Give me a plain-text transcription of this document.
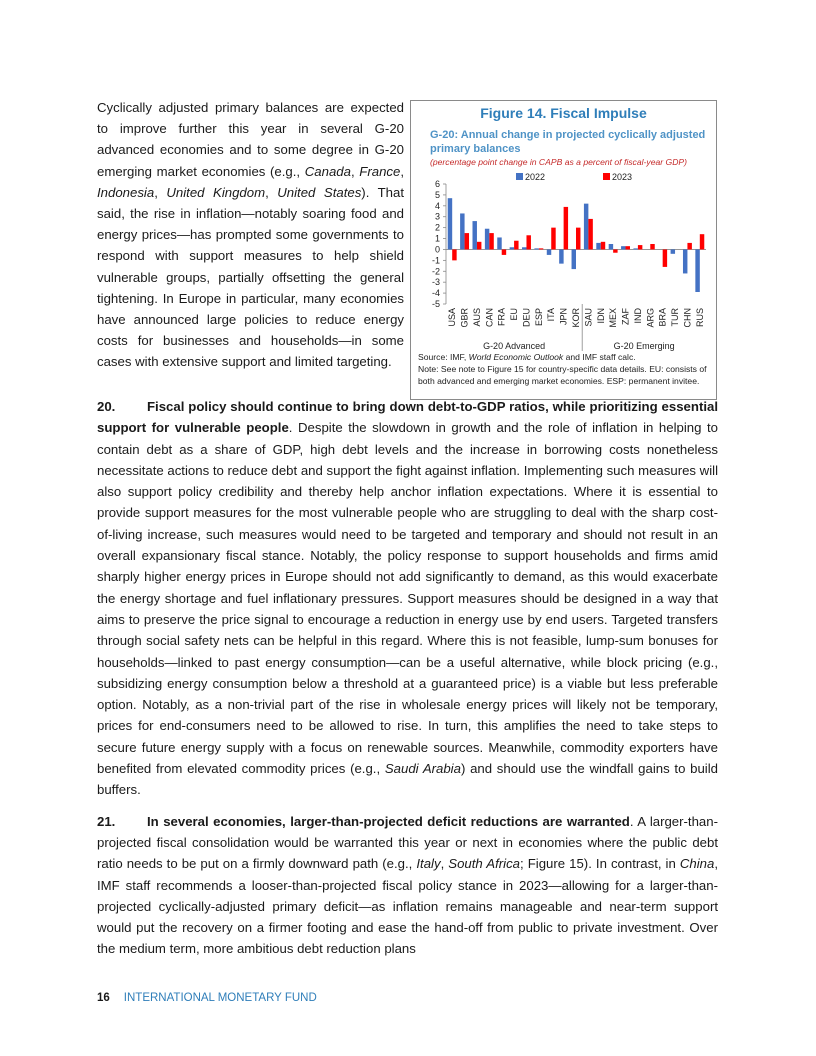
Cyclically adjusted primary balances are expected to improve further this year in several G-20 advanced economies and to some degree in G-20 emerging market economies (e.g., Canada, France, Indonesia, United Kingdom, United States). That said, the rise in inflation—notably soaring food and energy prices—has prompted some governments to respond with support measures to help shield vulnerable groups, partially offsetting the general tightening. In Europe in particular, many economies have announced large policies to reduce energy costs for businesses and households—in some cases with extensive support and limited targeting.
Figure 14. Fiscal Impulse
G-20: Annual change in projected cyclically adjusted primary balances
(percentage point change in CAPB as a percent of fiscal-year GDP)
2022	2023
6
5
4
3
2
1
0
-1
-2
-3
-4
-5
USA GBR AUS CAN FRA EU DEU ESP ITA JPN KOR SAU IDN MEX ZAF IND ARG BRA TUR CHN RUS
G-20 Advanced	G-20 Emerging
Source: IMF, World Economic Outlook and IMF staff calc.
Note: See note to Figure 15 for country-specific data details. EU: consists of both advanced and emerging market economies. ESP: permanent invitee.

20. Fiscal policy should continue to bring down debt-to-GDP ratios, while prioritizing essential support for vulnerable people. Despite the slowdown in growth and the role of inflation in helping to contain debt as a share of GDP, high debt levels and the increase in borrowing costs nonetheless necessitate actions to reduce debt and support the fight against inflation. Implementing such measures will also support policy credibility and thereby help anchor inflation expectations. Where it is essential to provide support measures for the most vulnerable people who are struggling to deal with the sharp cost-of-living increase, such measures would need to be targeted and temporary and should not result in an overall expansionary fiscal stance. Notably, the policy response to support households and firms amid sharply higher energy prices in Europe should not add significantly to demand, as this would exacerbate the energy shortage and fuel inflationary pressures. Support measures should be designed in a way that aims to preserve the price signal to encourage a reduction in energy use by end users. Targeted transfers through social safety nets can be helpful in this regard. Where this is not feasible, lump-sum bonuses for households—linked to past energy consumption—can be a useful alternative, while block pricing (e.g., subsidizing energy consumption below a threshold at a guaranteed price) is a viable but less preferable option. Notably, as a non-trivial part of the rise in wholesale energy prices will likely not be temporary, prices for end-consumers need to be allowed to rise. In turn, this amplifies the need to take steps to secure future energy supply with a focus on renewable sources. Meanwhile, commodity exporters have benefited from elevated commodity prices (e.g., Saudi Arabia) and should use the windfall gains to build buffers.

21. In several economies, larger-than-projected deficit reductions are warranted. A larger-than-projected fiscal consolidation would be warranted this year or next in economies where the public debt ratio needs to be put on a firmly downward path (e.g., Italy, South Africa; Figure 15). In contrast, in China, IMF staff recommends a looser-than-projected fiscal policy stance in 2023—allowing for a larger-than-projected cyclically-adjusted primary deficit—as inflation remains manageable and near-term support would put the recovery on a firmer footing and ease the hand-off from public to private investment. Over the medium term, more ambitious debt reduction plans

16 INTERNATIONAL MONETARY FUND
